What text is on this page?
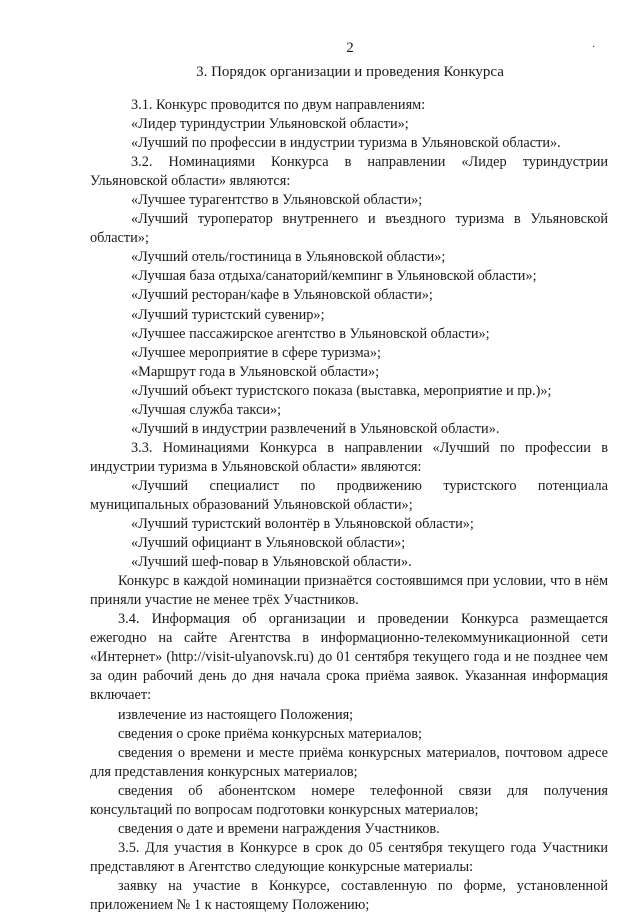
2	·
3. Порядок организации и проведения Конкурса

3.1. Конкурс проводится по двум направлениям:

«Лидер туриндустрии Ульяновской области»;

«Лучший по профессии в индустрии туризма в Ульяновской области».

3.2. Номинациями Конкурса в направлении «Лидер туриндустрии Ульяновской области» являются:

«Лучшее турагентство в Ульяновской области»;

«Лучший туроператор внутреннего и въездного туризма в Ульяновской области»;

«Лучший отель/гостиница в Ульяновской области»;

«Лучшая база отдыха/санаторий/кемпинг в Ульяновской области»;

«Лучший ресторан/кафе в Ульяновской области»;

«Лучший туристский сувенир»;

«Лучшее пассажирское агентство в Ульяновской области»;

«Лучшее мероприятие в сфере туризма»;

«Маршрут года в Ульяновской области»;

«Лучший объект туристского показа (выставка, мероприятие и пр.)»;

«Лучшая служба такси»;

«Лучший в индустрии развлечений в Ульяновской области».

3.3. Номинациями Конкурса в направлении «Лучший по профессии в индустрии туризма в Ульяновской области» являются:

«Лучший специалист по продвижению туристского потенциала муниципальных образований Ульяновской области»;

«Лучший туристский волонтёр в Ульяновской области»;

«Лучший официант в Ульяновской области»;

«Лучший шеф-повар в Ульяновской области».

Конкурс в каждой номинации признаётся состоявшимся при условии, что в нём приняли участие не менее трёх Участников.

3.4. Информация об организации и проведении Конкурса размещается ежегодно на сайте Агентства в информационно-телекоммуникационной сети «Интернет» (http://visit-ulyanovsk.ru) до 01 сентября текущего года и не позднее чем за один рабочий день до дня начала срока приёма заявок. Указанная информация включает:

извлечение из настоящего Положения;

сведения о сроке приёма конкурсных материалов;

сведения о времени и месте приёма конкурсных материалов, почтовом адресе для представления конкурсных материалов;

сведения об абонентском номере телефонной связи для получения консультаций по вопросам подготовки конкурсных материалов;

сведения о дате и времени награждения Участников.

3.5. Для участия в Конкурсе в срок до 05 сентября текущего года Участники представляют в Агентство следующие конкурсные материалы:

заявку на участие в Конкурсе, составленную по форме, установленной приложением № 1 к настоящему Положению;
